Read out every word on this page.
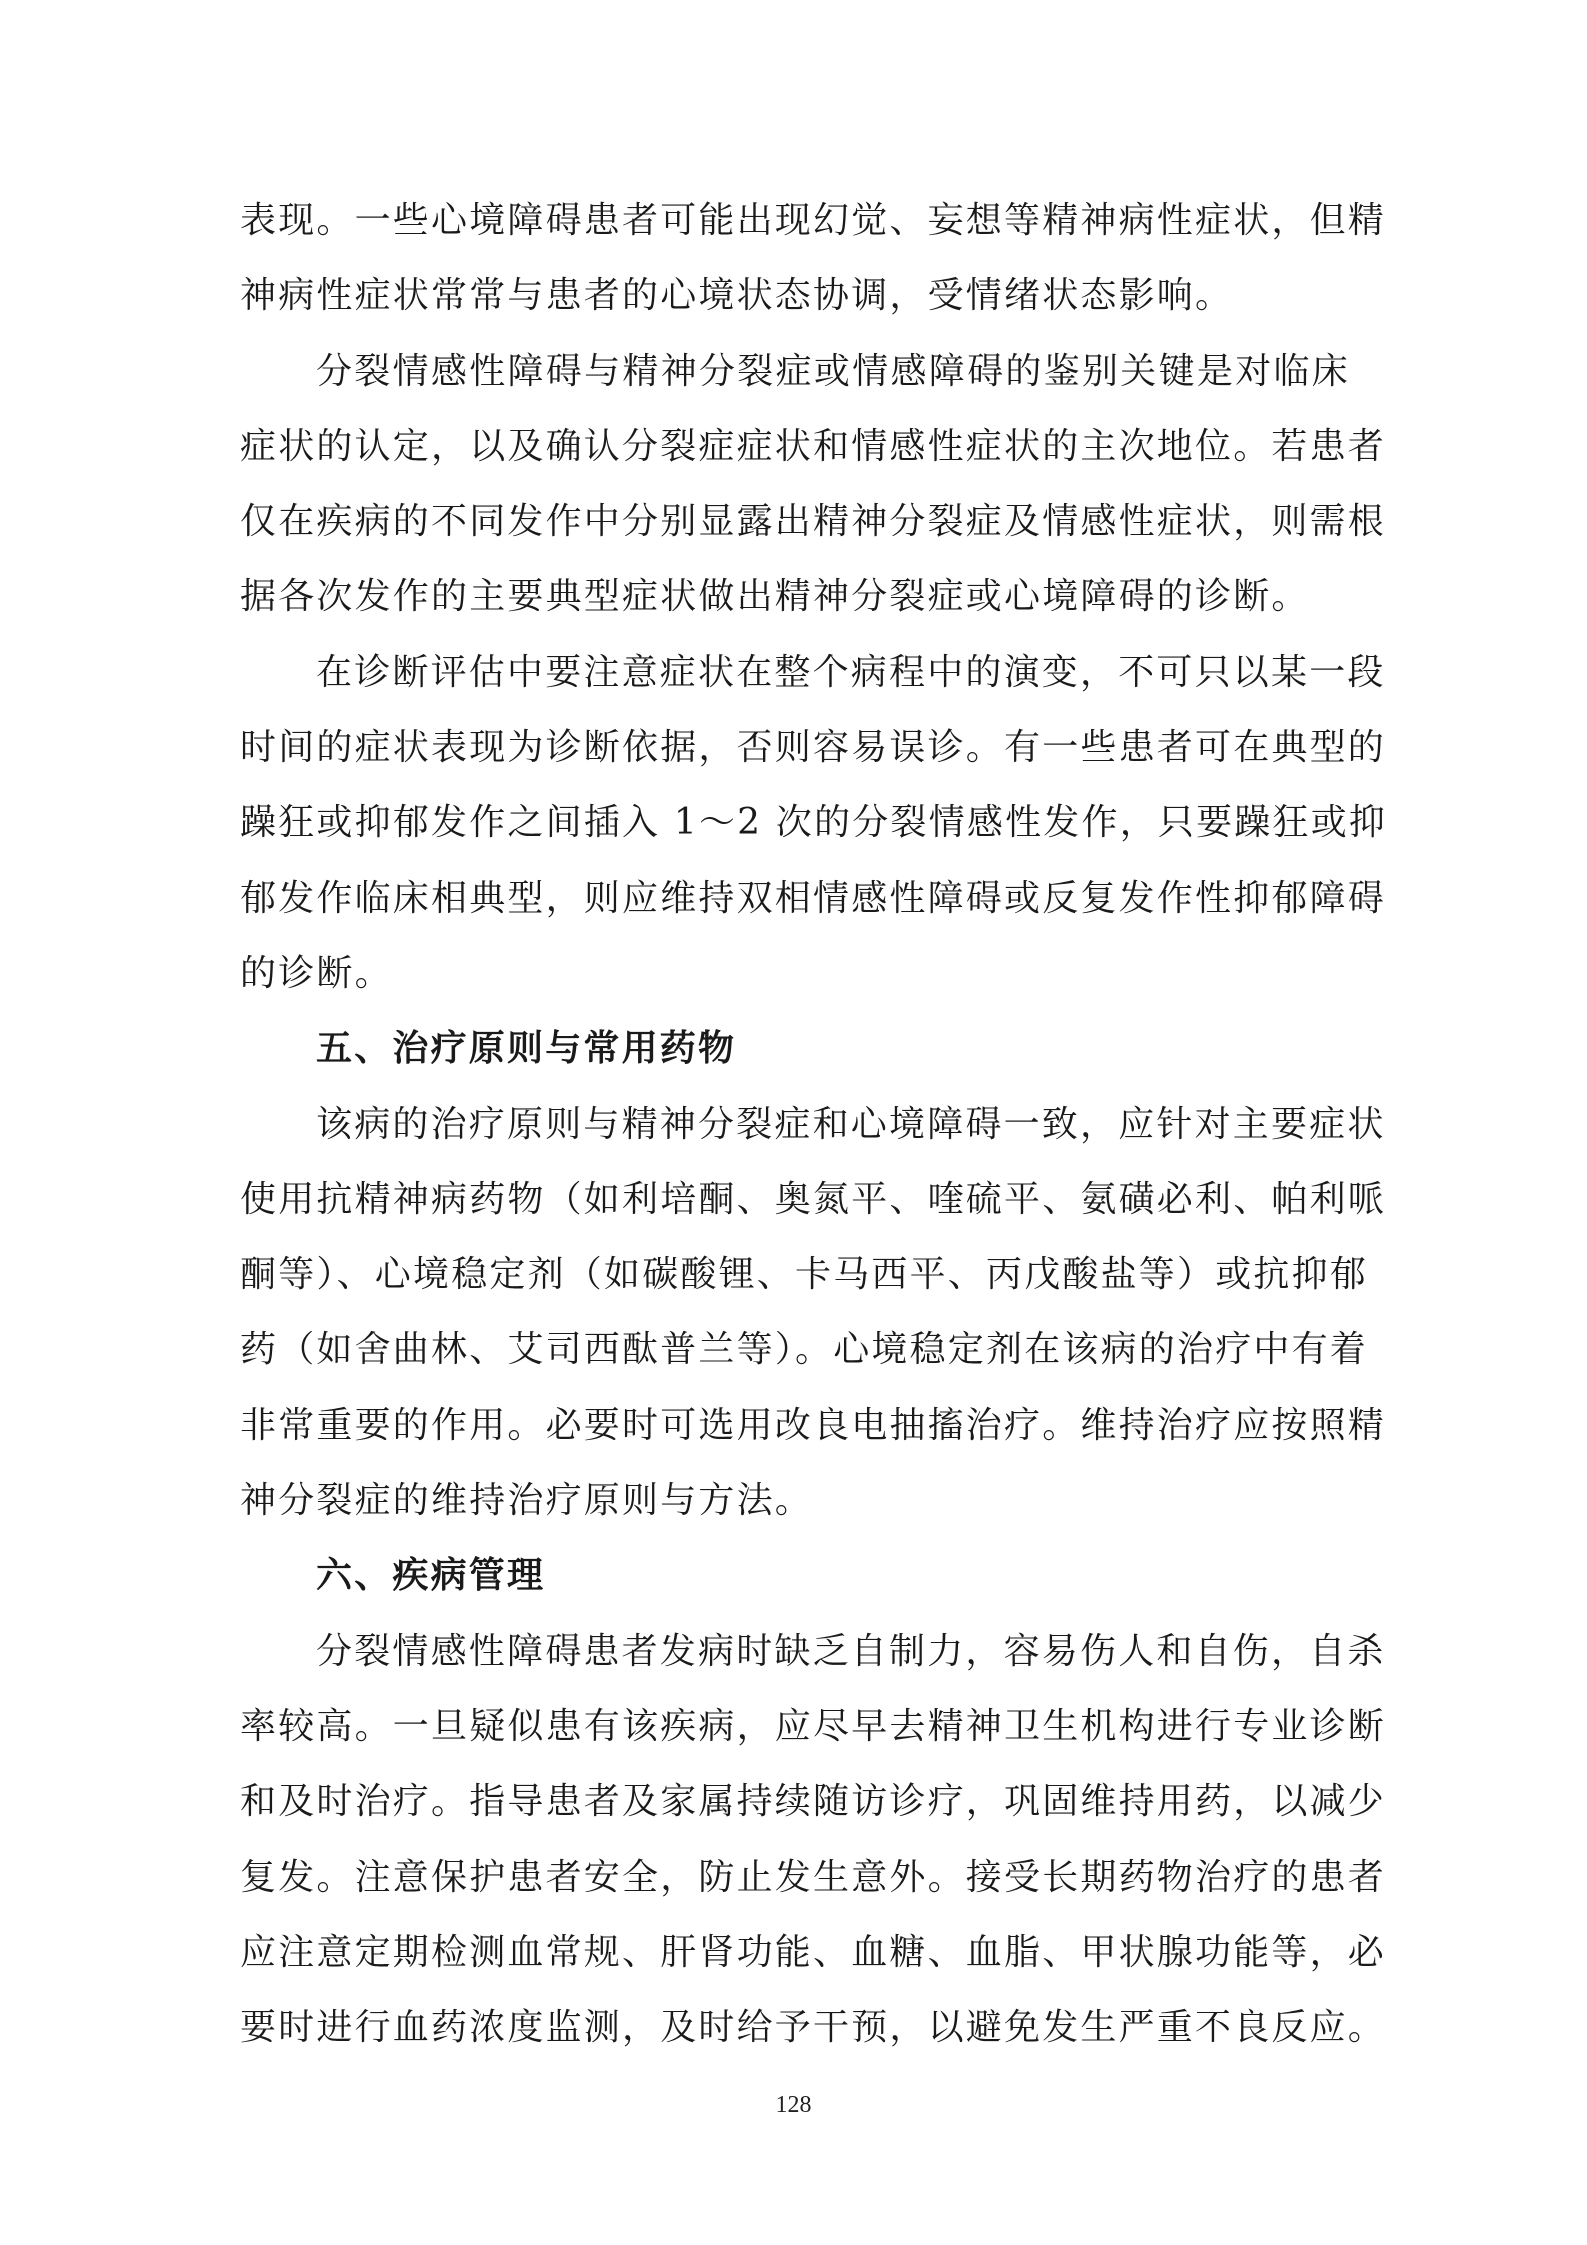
表现。一些心境障碍患者可能出现幻觉、妄想等精神病性症状，但精
神病性症状常常与患者的心境状态协调，受情绪状态影响。
分裂情感性障碍与精神分裂症或情感障碍的鉴别关键是对临床
症状的认定，以及确认分裂症症状和情感性症状的主次地位。若患者
仅在疾病的不同发作中分别显露出精神分裂症及情感性症状，则需根
据各次发作的主要典型症状做出精神分裂症或心境障碍的诊断。
在诊断评估中要注意症状在整个病程中的演变，不可只以某一段
时间的症状表现为诊断依据，否则容易误诊。有一些患者可在典型的
躁狂或抑郁发作之间插入 1～2 次的分裂情感性发作，只要躁狂或抑
郁发作临床相典型，则应维持双相情感性障碍或反复发作性抑郁障碍
的诊断。
五、治疗原则与常用药物
该病的治疗原则与精神分裂症和心境障碍一致，应针对主要症状
使用抗精神病药物（如利培酮、奥氮平、喹硫平、氨磺必利、帕利哌
酮等）、心境稳定剂（如碳酸锂、卡马西平、丙戊酸盐等）或抗抑郁
药（如舍曲林、艾司西酞普兰等）。心境稳定剂在该病的治疗中有着
非常重要的作用。必要时可选用改良电抽搐治疗。维持治疗应按照精
神分裂症的维持治疗原则与方法。
六、疾病管理
分裂情感性障碍患者发病时缺乏自制力，容易伤人和自伤，自杀
率较高。一旦疑似患有该疾病，应尽早去精神卫生机构进行专业诊断
和及时治疗。指导患者及家属持续随访诊疗，巩固维持用药，以减少
复发。注意保护患者安全，防止发生意外。接受长期药物治疗的患者
应注意定期检测血常规、肝肾功能、血糖、血脂、甲状腺功能等，必
要时进行血药浓度监测，及时给予干预，以避免发生严重不良反应。
128
